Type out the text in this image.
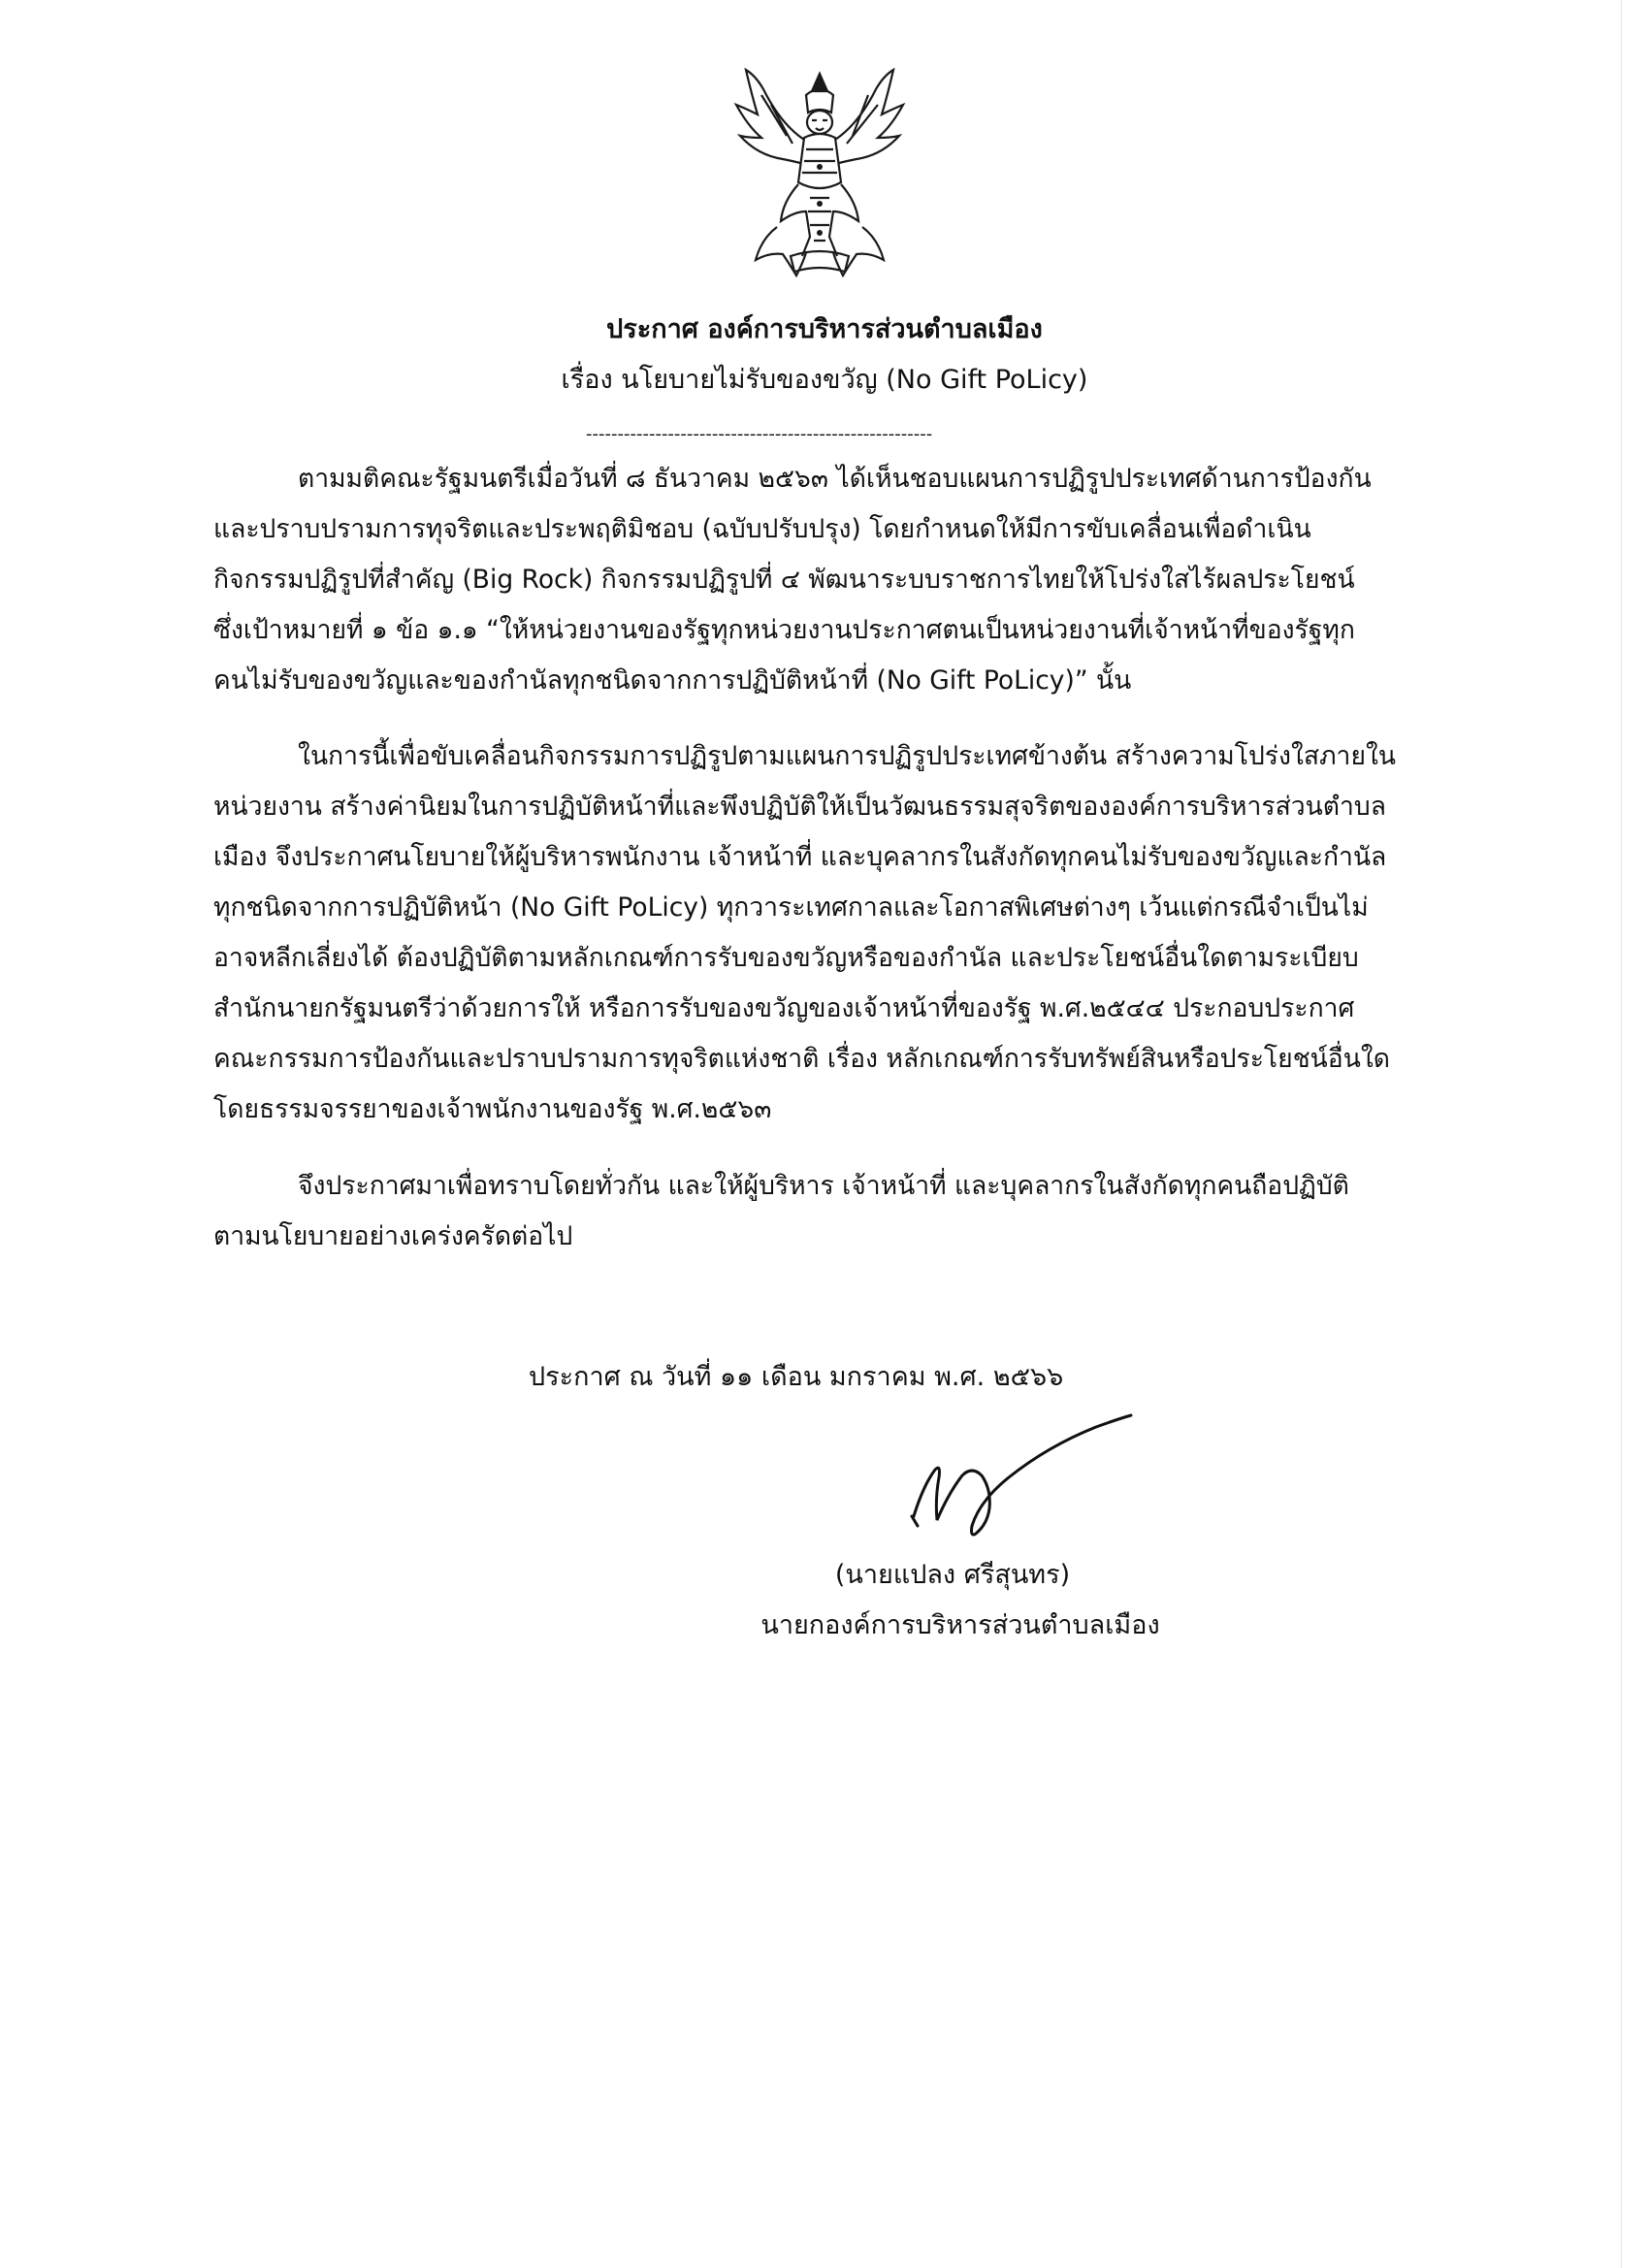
ประกาศ องค์การบริหารส่วนตำบลเมือง
เรื่อง นโยบายไม่รับของขวัญ (No Gift PoLicy)
-------------------------------------------------------
ตามมติคณะรัฐมนตรีเมื่อวันที่ ๘ ธันวาคม ๒๕๖๓ ได้เห็นชอบแผนการปฏิรูปประเทศด้านการป้องกัน
และปราบปรามการทุจริตและประพฤติมิชอบ (ฉบับปรับปรุง) โดยกำหนดให้มีการขับเคลื่อนเพื่อดำเนิน
กิจกรรมปฏิรูปที่สำคัญ (Big Rock) กิจกรรมปฏิรูปที่ ๔ พัฒนาระบบราชการไทยให้โปร่งใสไร้ผลประโยชน์
ซึ่งเป้าหมายที่ ๑ ข้อ ๑.๑ “ให้หน่วยงานของรัฐทุกหน่วยงานประกาศตนเป็นหน่วยงานที่เจ้าหน้าที่ของรัฐทุก
คนไม่รับของขวัญและของกำนัลทุกชนิดจากการปฏิบัติหน้าที่ (No Gift PoLicy)” นั้น
ในการนี้เพื่อขับเคลื่อนกิจกรรมการปฏิรูปตามแผนการปฏิรูปประเทศข้างต้น สร้างความโปร่งใสภายใน
หน่วยงาน สร้างค่านิยมในการปฏิบัติหน้าที่และพึงปฏิบัติให้เป็นวัฒนธรรมสุจริตขององค์การบริหารส่วนตำบล
เมือง จึงประกาศนโยบายให้ผู้บริหารพนักงาน เจ้าหน้าที่ และบุคลากรในสังกัดทุกคนไม่รับของขวัญและกำนัล
ทุกชนิดจากการปฏิบัติหน้า (No Gift PoLicy) ทุกวาระเทศกาลและโอกาสพิเศษต่างๆ เว้นแต่กรณีจำเป็นไม่
อาจหลีกเลี่ยงได้ ต้องปฏิบัติตามหลักเกณฑ์การรับของขวัญหรือของกำนัล และประโยชน์อื่นใดตามระเบียบ
สำนักนายกรัฐมนตรีว่าด้วยการให้ หรือการรับของขวัญของเจ้าหน้าที่ของรัฐ พ.ศ.๒๕๔๔ ประกอบประกาศ
คณะกรรมการป้องกันและปราบปรามการทุจริตแห่งชาติ เรื่อง หลักเกณฑ์การรับทรัพย์สินหรือประโยชน์อื่นใด
โดยธรรมจรรยาของเจ้าพนักงานของรัฐ พ.ศ.๒๕๖๓
จึงประกาศมาเพื่อทราบโดยทั่วกัน และให้ผู้บริหาร เจ้าหน้าที่ และบุคลากรในสังกัดทุกคนถือปฏิบัติ
ตามนโยบายอย่างเคร่งครัดต่อไป
ประกาศ ณ วันที่ ๑๑ เดือน มกราคม พ.ศ. ๒๕๖๖
(นายแปลง ศรีสุนทร)
นายกองค์การบริหารส่วนตำบลเมือง
